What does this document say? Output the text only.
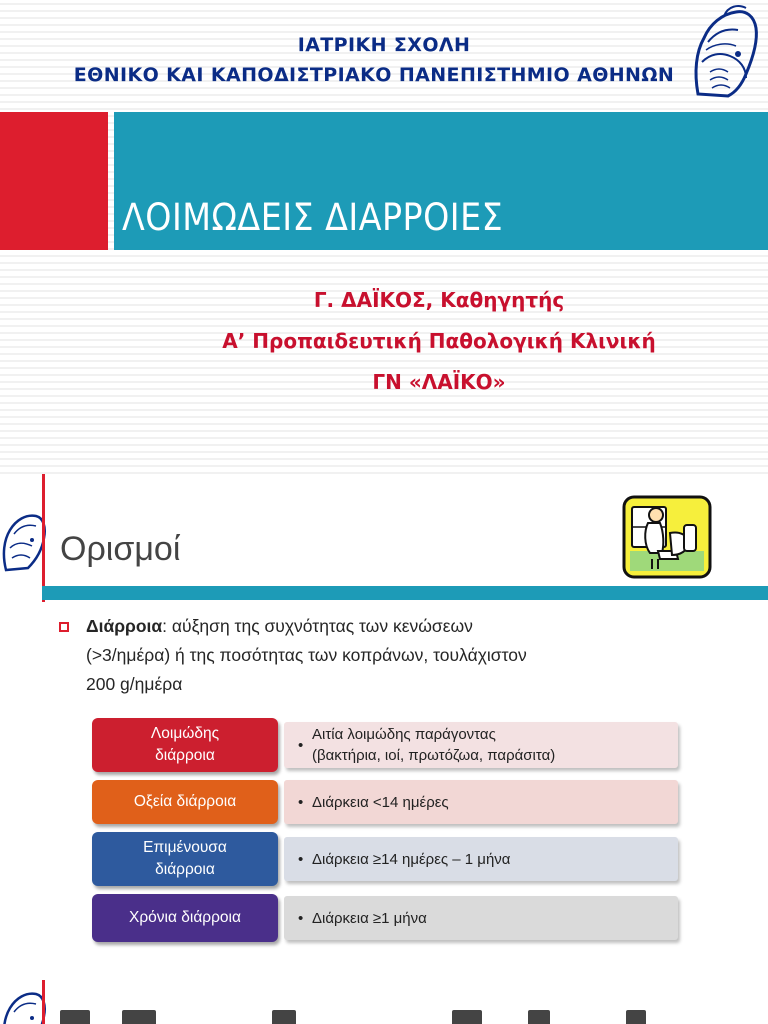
ΙΑΤΡΙΚΗ ΣΧΟΛΗ
ΕΘΝΙΚΟ ΚΑΙ ΚΑΠΟΔΙΣΤΡΙΑΚΟ ΠΑΝΕΠΙΣΤΗΜΙΟ ΑΘΗΝΩΝ
ΛΟΙΜΩΔΕΙΣ ΔΙΑΡΡΟΙΕΣ
Γ. ΔΑΪΚΟΣ, Καθηγητής
Α’ Προπαιδευτική Παθολογική Κλινική
ΓΝ «ΛΑΪΚΟ»
Ορισμοί
Διάρροια: αύξηση της συχνότητας των κενώσεων
(>3/ημέρα) ή της ποσότητας των κοπράνων, τουλάχιστον
200 g/ημέρα
Λοιμώδης
διάρροια
•
Αιτία λοιμώδης παράγοντας
(βακτήρια, ιοί, πρωτόζωα, παράσιτα)
Οξεία διάρροια	• Διάρκεια <14 ημέρες
Επιμένουσα
διάρροια
• Διάρκεια ≥14 ημέρες – 1 μήνα
Χρόνια διάρροια	• Διάρκεια ≥1 μήνα
